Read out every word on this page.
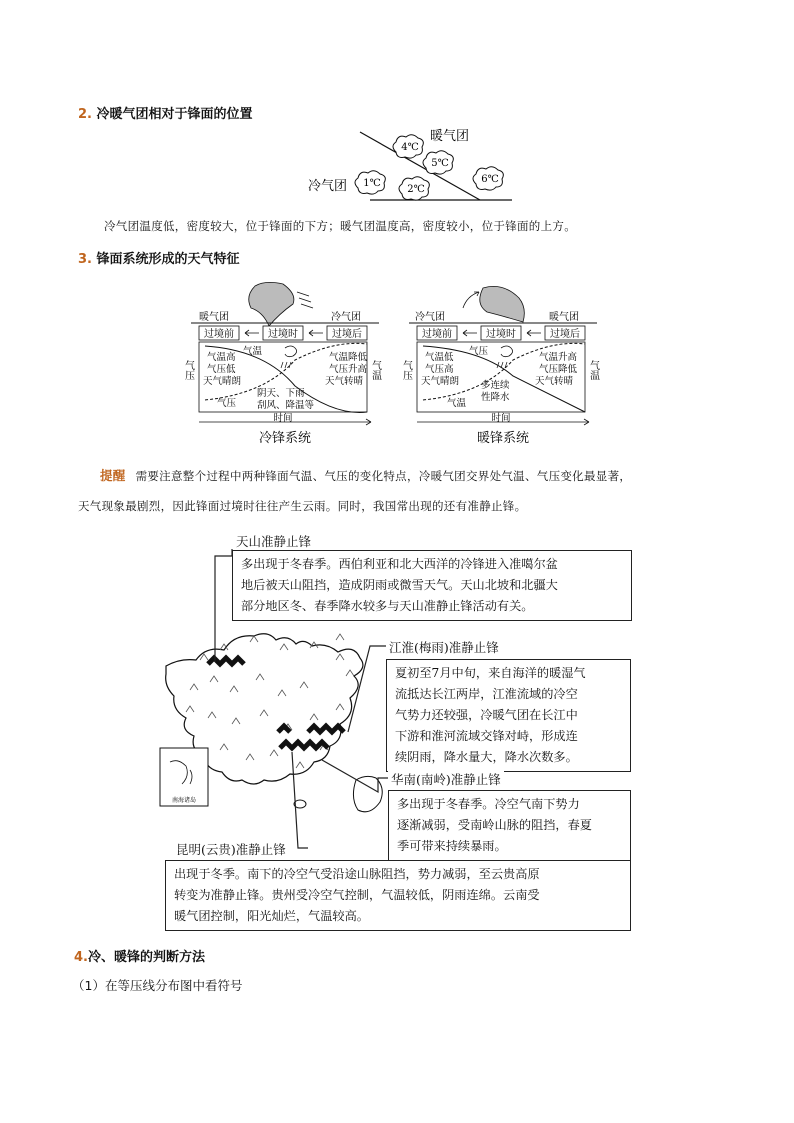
2. 冷暖气团相对于锋面的位置
4℃
5℃
6℃
1℃
2℃
暖气团
冷气团
冷气团温度低，密度较大，位于锋面的下方；暖气团温度高，密度较小，位于锋面的上方。
3. 锋面系统形成的天气特征
暖气团	冷气团
过境前	过境时	过境后
气压	气温
气温高
气压低
天气晴朗
气温
气压
气温降低
气压升高
天气转晴
阴天、下雨
刮风、降温等
时间
冷锋系统
冷气团	暖气团
过境前	过境时	过境后
气压	气温
气温低
气压高
天气晴朗
气压
气温
气温升高
气压降低
天气转晴
多连续
性降水
时间
暖锋系统
提醒 需要注意整个过程中两种锋面气温、气压的变化特点，冷暖气团交界处气温、气压变化最显著，
天气现象最剧烈，因此锋面过境时往往产生云雨。同时，我国常出现的还有准静止锋。
南海诸岛
天山准静止锋
多出现于冬春季。西伯利亚和北大西洋的冷锋进入准噶尔盆
地后被天山阻挡，造成阴雨或微雪天气。天山北坡和北疆大
部分地区冬、春季降水较多与天山准静止锋活动有关。
江淮(梅雨)准静止锋
夏初至7月中旬，来自海洋的暖湿气
流抵达长江两岸，江淮流域的冷空
气势力还较强，冷暖气团在长江中
下游和淮河流域交锋对峙，形成连
续阴雨，降水量大，降水次数多。
华南(南岭)准静止锋
多出现于冬春季。冷空气南下势力
逐渐减弱，受南岭山脉的阻挡，春夏
季可带来持续暴雨。
昆明(云贵)准静止锋
出现于冬季。南下的冷空气受沿途山脉阻挡，势力减弱，至云贵高原
转变为准静止锋。贵州受冷空气控制，气温较低，阴雨连绵。云南受
暖气团控制，阳光灿烂，气温较高。
4.冷、暖锋的判断方法
（1）在等压线分布图中看符号
